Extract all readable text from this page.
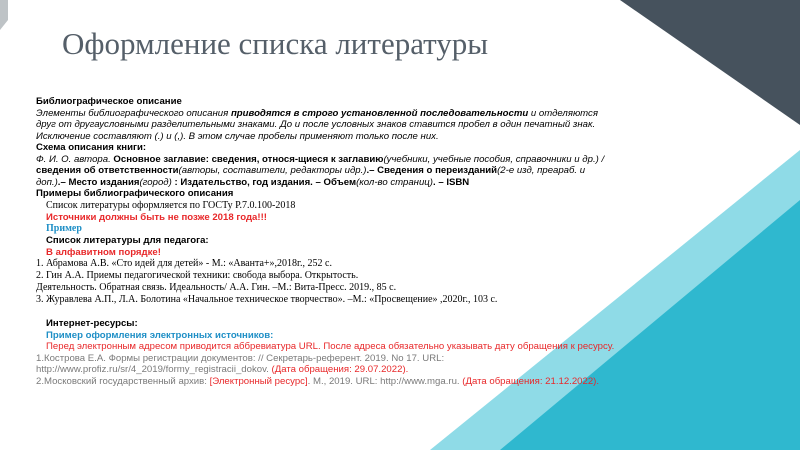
Оформление списка литературы

Библиографическое описание

Элементы библиографического описания приводятся в строго установленной последовательности и отделяются друг от другаусловными разделительными знаками. До и после условных знаков ставится пробел в один печатный знак. Исключение составляют (.) и (,). В этом случае пробелы применяют только после них.

Схема описания книги:

Ф. И. О. автора. Основное заглавие: сведения, относя-щиеся к заглавию(учебники, учебные пособия, справочники и др.) / сведения об ответственности(авторы, составители, редакторы идр.).– Сведения о переизданий(2-е изд, преараб. и доп.).– Место издания(город) : Издательство, год издания. – Объем(кол-во страниц). – ISBN

Примеры библиографического описания

Список литературы оформляется по ГОСТу Р.7.0.100-2018

Источники должны быть не позже 2018 года!!!

Пример

Список литературы для педагога:

В алфавитном порядке!

1. Абрамова А.В. «Сто идей для детей» - М.: «Аванта+»,2018г., 252 с.

2. Гин А.А. Приемы педагогической техники: свобода выбора. Открытость.

Деятельность. Обратная связь. Идеальность/ А.А. Гин. –М.: Вита-Пресс. 2019., 85 с.

3. Журавлева А.П., Л.А. Болотина «Начальное техническое творчество». –М.: «Просвещение» ,2020г., 103 с.

Интернет-ресурсы:

Пример оформления электронных источников:

Перед электронным адресом приводится аббревиатура URL. После адреса обязательно указывать дату обращения к ресурсу.

1.Кострова Е.А. Формы регистрации документов: // Секретарь-референт. 2019. No 17. URL: http://www.profiz.ru/sr/4_2019/formy_registracii_dokov. (Дата обращения: 29.07.2022).

2.Московский государственный архив: [Электронный ресурс]. М., 2019. URL: http://www.mga.ru. (Дата обращения: 21.12.2022).
